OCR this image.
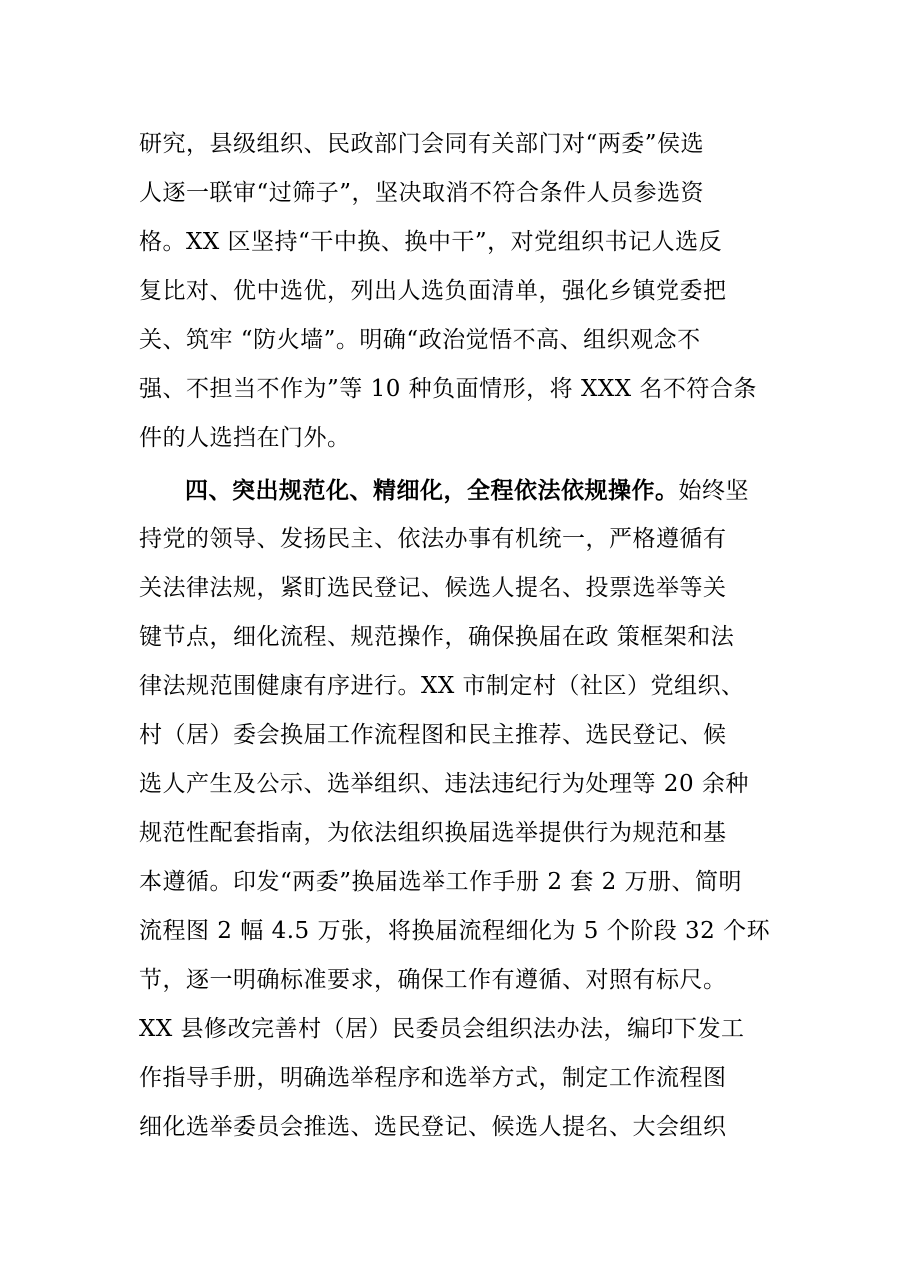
研究，县级组织、民政部门会同有关部门对“两委”侯选
人逐一联审“过筛子”，坚决取消不符合条件人员参选资
格。XX 区坚持“干中换、换中干”，对党组织书记人选反
复比对、优中选优，列出人选负面清单，强化乡镇党委把
关、筑牢 “防火墙”。明确“政治觉悟不高、组织观念不
强、不担当不作为”等 10 种负面情形，将 XXX 名不符合条
件的人选挡在门外。
四、突出规范化、精细化，全程依法依规操作。始终坚
持党的领导、发扬民主、依法办事有机统一，严格遵循有
关法律法规，紧盯选民登记、候选人提名、投票选举等关
键节点，细化流程、规范操作，确保换届在政 策框架和法
律法规范围健康有序进行。XX 市制定村（社区）党组织、
村（居）委会换届工作流程图和民主推荐、选民登记、候
选人产生及公示、选举组织、违法违纪行为处理等 20 余种
规范性配套指南，为依法组织换届选举提供行为规范和基
本遵循。印发“两委”换届选举工作手册 2 套 2 万册、简明
流程图 2 幅 4.5 万张，将换届流程细化为 5 个阶段 32 个环
节，逐一明确标准要求，确保工作有遵循、对照有标尺。
XX 县修改完善村（居）民委员会组织法办法，编印下发工
作指导手册，明确选举程序和选举方式，制定工作流程图
细化选举委员会推选、选民登记、候选人提名、大会组织
